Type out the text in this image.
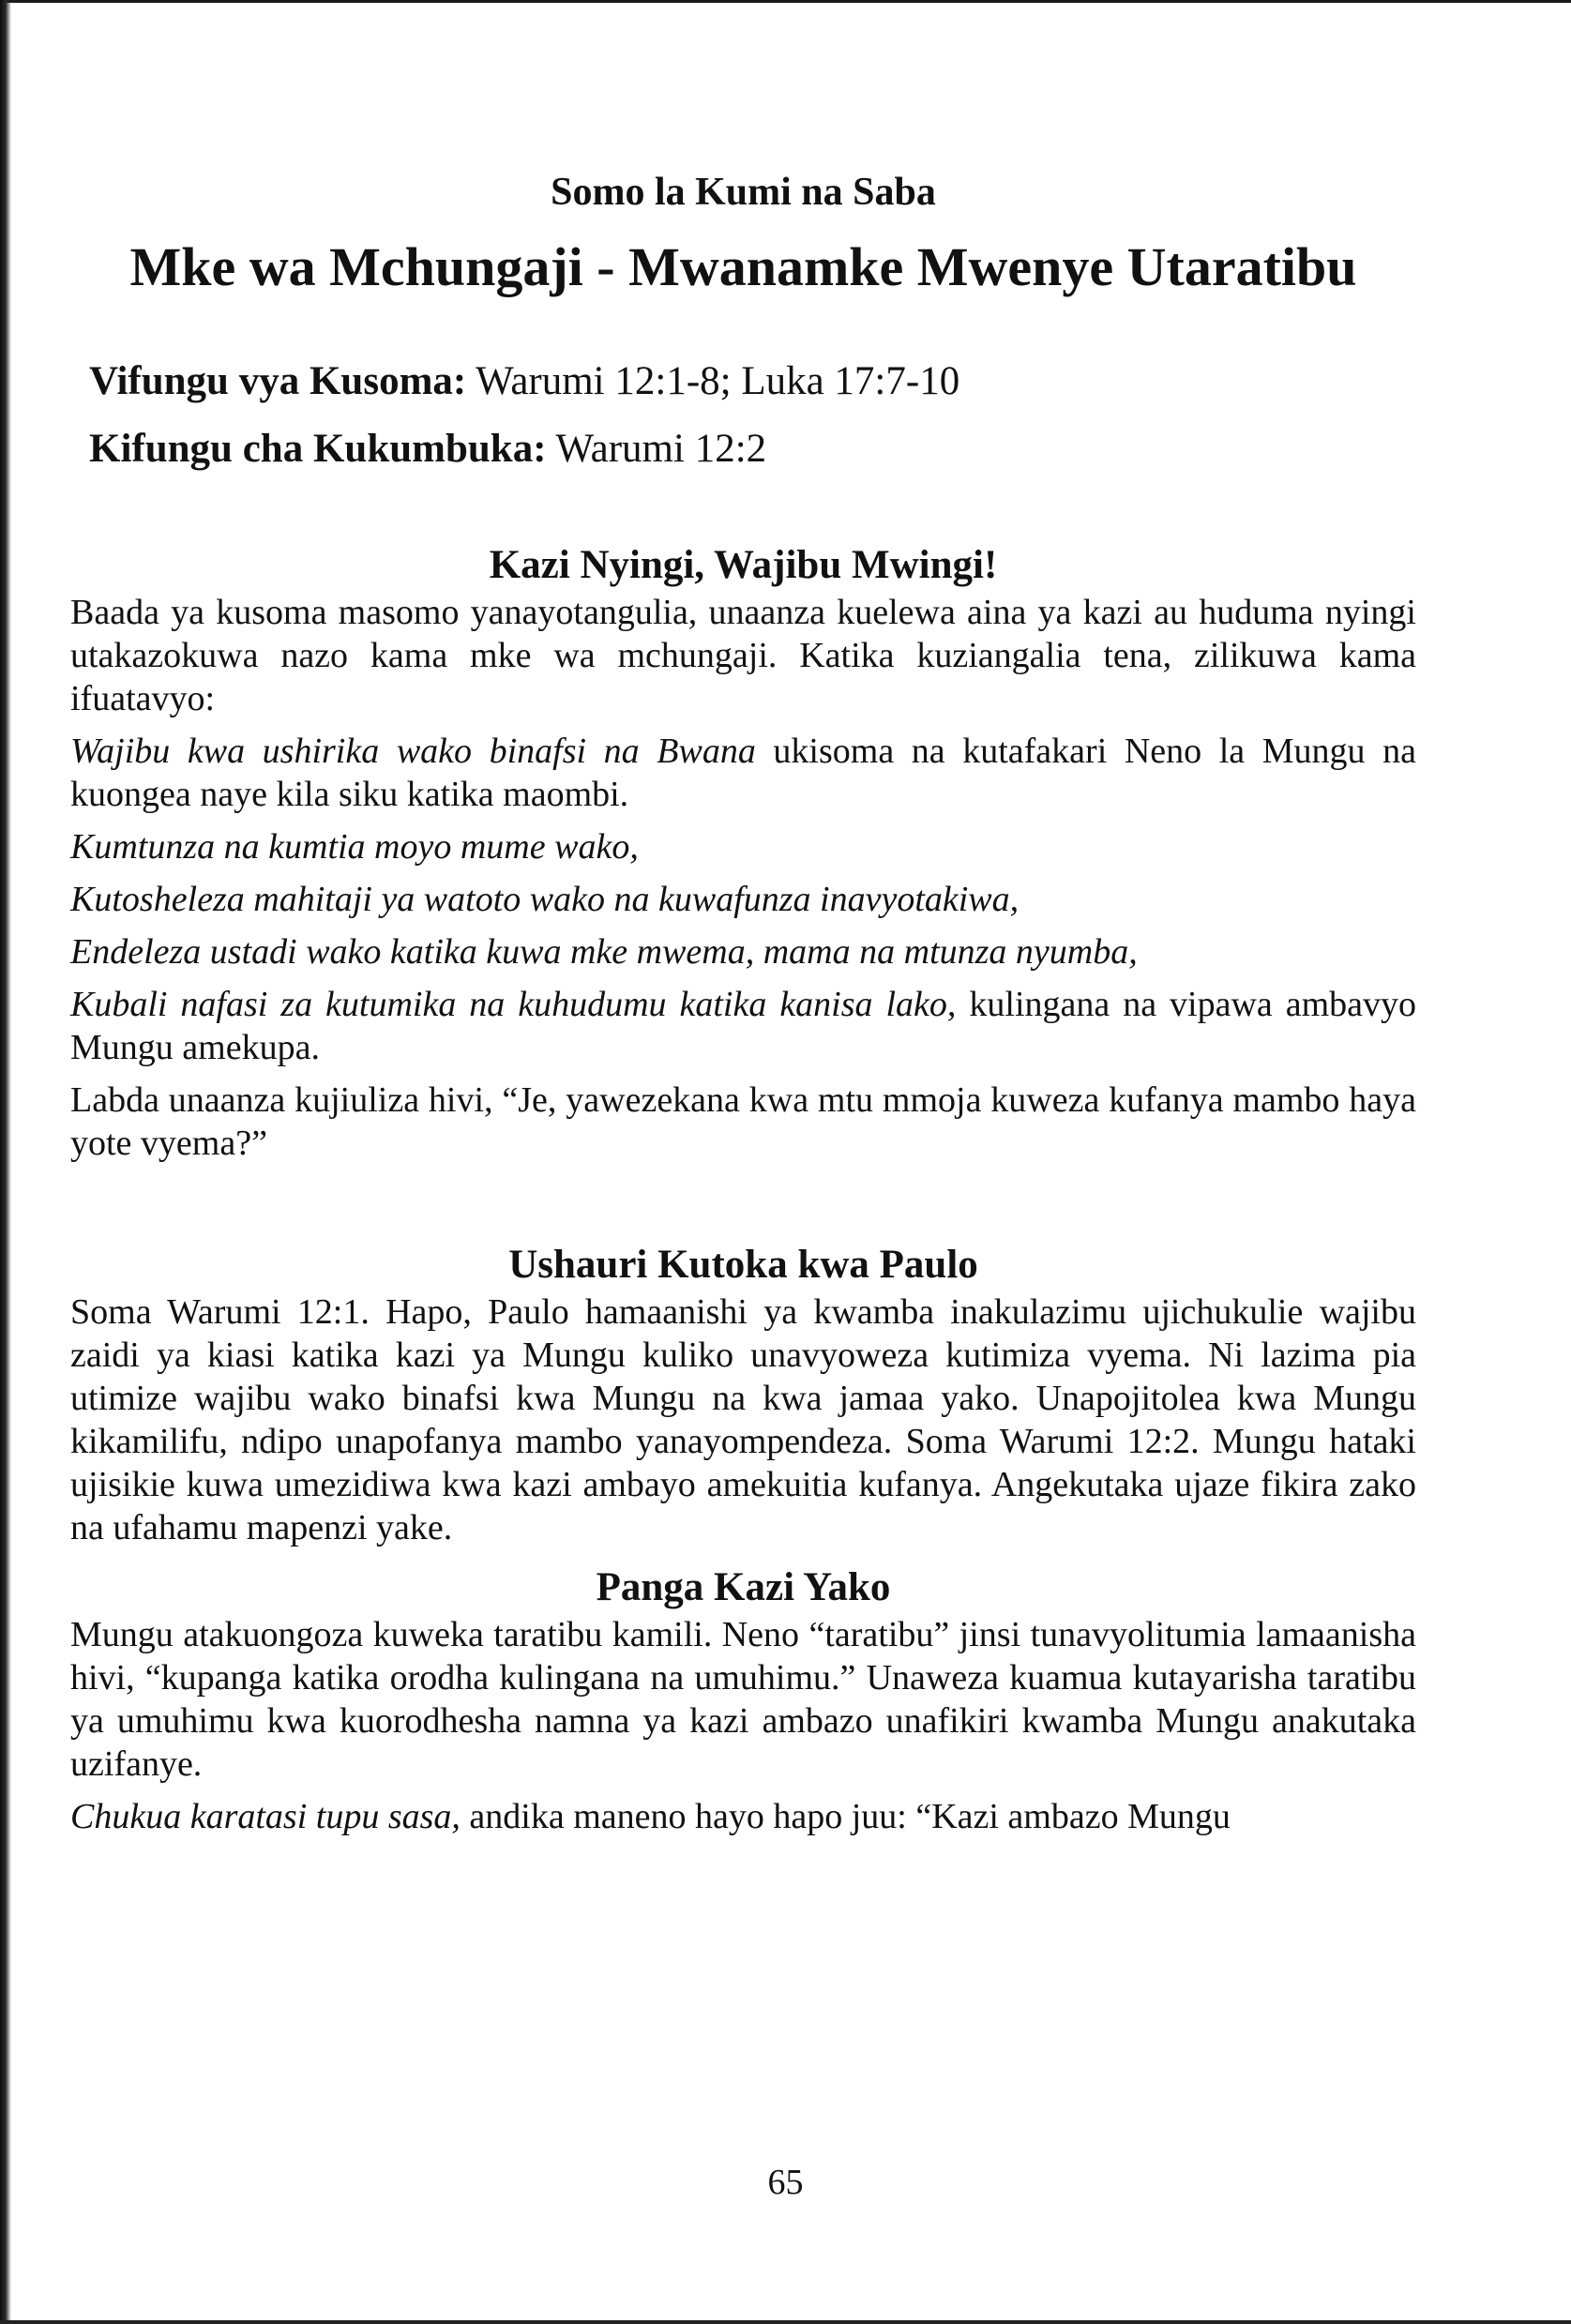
Somo la Kumi na Saba
Mke wa Mchungaji - Mwanamke Mwenye Utaratibu
Vifungu vya Kusoma: Warumi 12:1-8; Luka 17:7-10
Kifungu cha Kukumbuka: Warumi 12:2
Kazi Nyingi, Wajibu Mwingi!

Baada ya kusoma masomo yanayotangulia, unaanza kuelewa aina ya kazi au huduma nyingi utakazokuwa nazo kama mke wa mchungaji. Katika kuziangalia tena, zilikuwa kama ifuatavyo:

Wajibu kwa ushirika wako binafsi na Bwana ukisoma na kutafakari Neno la Mungu na kuongea naye kila siku katika maombi.

Kumtunza na kumtia moyo mume wako,

Kutosheleza mahitaji ya watoto wako na kuwafunza inavyotakiwa,

Endeleza ustadi wako katika kuwa mke mwema, mama na mtunza nyumba,

Kubali nafasi za kutumika na kuhudumu katika kanisa lako, kulingana na vipawa ambavyo Mungu amekupa.

Labda unaanza kujiuliza hivi, “Je, yawezekana kwa mtu mmoja kuweza kufanya mambo haya yote vyema?”

Ushauri Kutoka kwa Paulo

Soma Warumi 12:1. Hapo, Paulo hamaanishi ya kwamba inakulazimu ujichukulie wajibu zaidi ya kiasi katika kazi ya Mungu kuliko unavyoweza kutimiza vyema. Ni lazima pia utimize wajibu wako binafsi kwa Mungu na kwa jamaa yako. Unapojitolea kwa Mungu kikamilifu, ndipo unapofanya mambo yanayompendeza. Soma Warumi 12:2. Mungu hataki ujisikie kuwa umezidiwa kwa kazi ambayo amekuitia kufanya. Angekutaka ujaze fikira zako na ufahamu mapenzi yake.

Panga Kazi Yako

Mungu atakuongoza kuweka taratibu kamili. Neno “taratibu” jinsi tunavyolitumia lamaanisha hivi, “kupanga katika orodha kulingana na umuhimu.” Unaweza kuamua kutayarisha taratibu ya umuhimu kwa kuorodhesha namna ya kazi ambazo unafikiri kwamba Mungu anakutaka uzifanye.

Chukua karatasi tupu sasa, andika maneno hayo hapo juu: “Kazi ambazo Mungu

65
